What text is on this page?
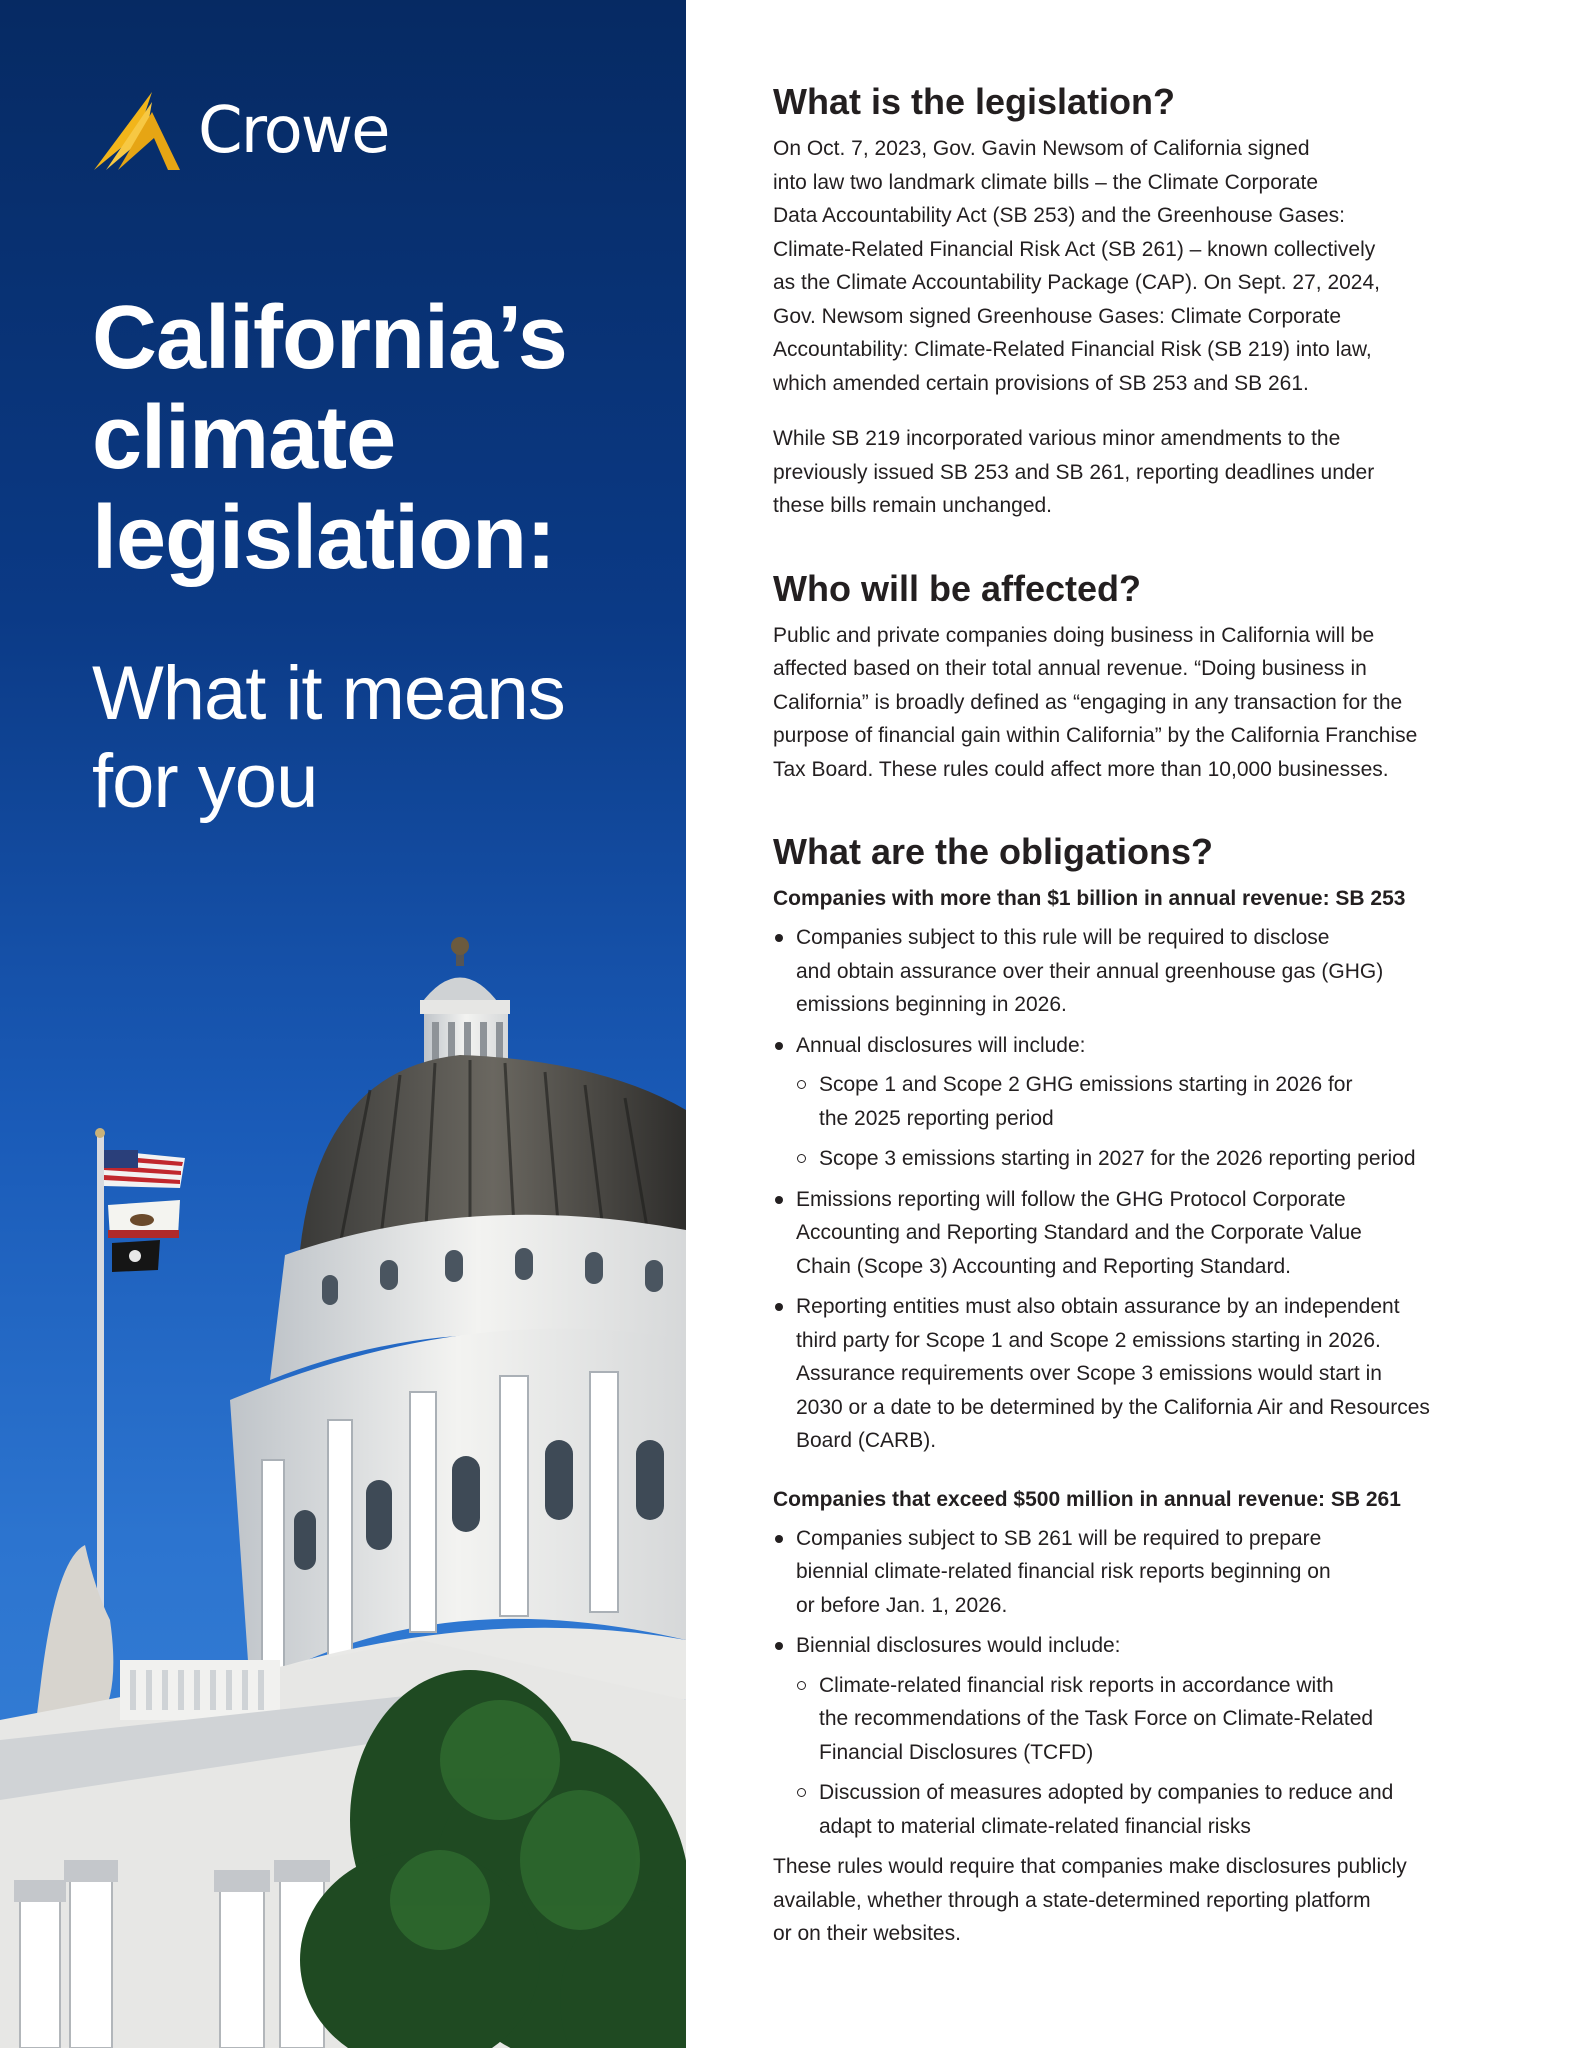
Crowe
California’s
climate
legislation:
What it means
for you
What is the legislation?

On Oct. 7, 2023, Gov. Gavin Newsom of California signed
into law two landmark climate bills – the Climate Corporate
Data Accountability Act (SB 253) and the Greenhouse Gases:
Climate-Related Financial Risk Act (SB 261) – known collectively
as the Climate Accountability Package (CAP). On Sept. 27, 2024,
Gov. Newsom signed Greenhouse Gases: Climate Corporate
Accountability: Climate-Related Financial Risk (SB 219) into law,
which amended certain provisions of SB 253 and SB 261.

While SB 219 incorporated various minor amendments to the
previously issued SB 253 and SB 261, reporting deadlines under
these bills remain unchanged.

Who will be affected?

Public and private companies doing business in California will be
affected based on their total annual revenue. “Doing business in
California” is broadly defined as “engaging in any transaction for the
purpose of financial gain within California” by the California Franchise
Tax Board. These rules could affect more than 10,000 businesses.

What are the obligations?
Companies with more than $1 billion in annual revenue: SB 253
Companies subject to this rule will be required to disclose
and obtain assurance over their annual greenhouse gas (GHG)
emissions beginning in 2026.
Annual disclosures will include:
Scope 1 and Scope 2 GHG emissions starting in 2026 for
the 2025 reporting period
Scope 3 emissions starting in 2027 for the 2026 reporting period
Emissions reporting will follow the GHG Protocol Corporate
Accounting and Reporting Standard and the Corporate Value
Chain (Scope 3) Accounting and Reporting Standard.
Reporting entities must also obtain assurance by an independent
third party for Scope 1 and Scope 2 emissions starting in 2026.
Assurance requirements over Scope 3 emissions would start in
2030 or a date to be determined by the California Air and Resources
Board (CARB).
Companies that exceed $500 million in annual revenue: SB 261
Companies subject to SB 261 will be required to prepare
biennial climate-related financial risk reports beginning on
or before Jan. 1, 2026.
Biennial disclosures would include:
Climate-related financial risk reports in accordance with
the recommendations of the Task Force on Climate-Related
Financial Disclosures (TCFD)
Discussion of measures adopted by companies to reduce and
adapt to material climate-related financial risks

These rules would require that companies make disclosures publicly
available, whether through a state-determined reporting platform
or on their websites.
